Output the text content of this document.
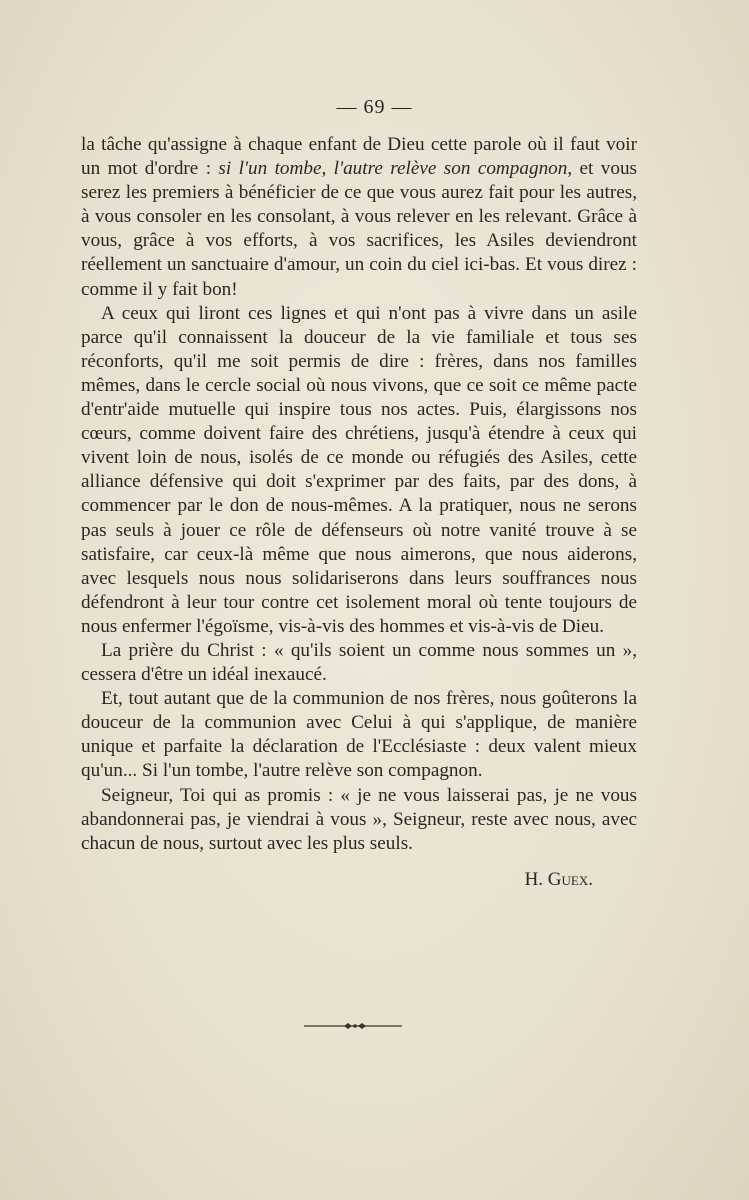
— 69 —

la tâche qu'assigne à chaque enfant de Dieu cette parole où il faut voir un mot d'ordre : si l'un tombe, l'autre relève son compagnon, et vous serez les premiers à bénéficier de ce que vous aurez fait pour les autres, à vous consoler en les consolant, à vous relever en les relevant. Grâce à vous, grâce à vos efforts, à vos sacrifices, les Asiles deviendront réellement un sanctuaire d'amour, un coin du ciel ici-bas. Et vous direz : comme il y fait bon!

A ceux qui liront ces lignes et qui n'ont pas à vivre dans un asile parce qu'il connaissent la douceur de la vie familiale et tous ses réconforts, qu'il me soit permis de dire : frères, dans nos familles mêmes, dans le cercle social où nous vivons, que ce soit ce même pacte d'entr'aide mutuelle qui inspire tous nos actes. Puis, élargissons nos cœurs, comme doivent faire des chrétiens, jusqu'à étendre à ceux qui vivent loin de nous, isolés de ce monde ou réfugiés des Asiles, cette alliance défensive qui doit s'exprimer par des faits, par des dons, à commencer par le don de nous-mêmes. A la pratiquer, nous ne serons pas seuls à jouer ce rôle de défenseurs où notre vanité trouve à se satisfaire, car ceux-là même que nous aimerons, que nous aiderons, avec lesquels nous nous solidariserons dans leurs souffrances nous défendront à leur tour contre cet isolement moral où tente toujours de nous enfermer l'égoïsme, vis-à-vis des hommes et vis-à-vis de Dieu.

La prière du Christ : « qu'ils soient un comme nous sommes un », cessera d'être un idéal inexaucé.

Et, tout autant que de la communion de nos frères, nous goûterons la douceur de la communion avec Celui à qui s'applique, de manière unique et parfaite la déclaration de l'Ecclésiaste : deux valent mieux qu'un... Si l'un tombe, l'autre relève son compagnon.

Seigneur, Toi qui as promis : « je ne vous laisserai pas, je ne vous abandonnerai pas, je viendrai à vous », Seigneur, reste avec nous, avec chacun de nous, surtout avec les plus seuls.

H. Guex.
